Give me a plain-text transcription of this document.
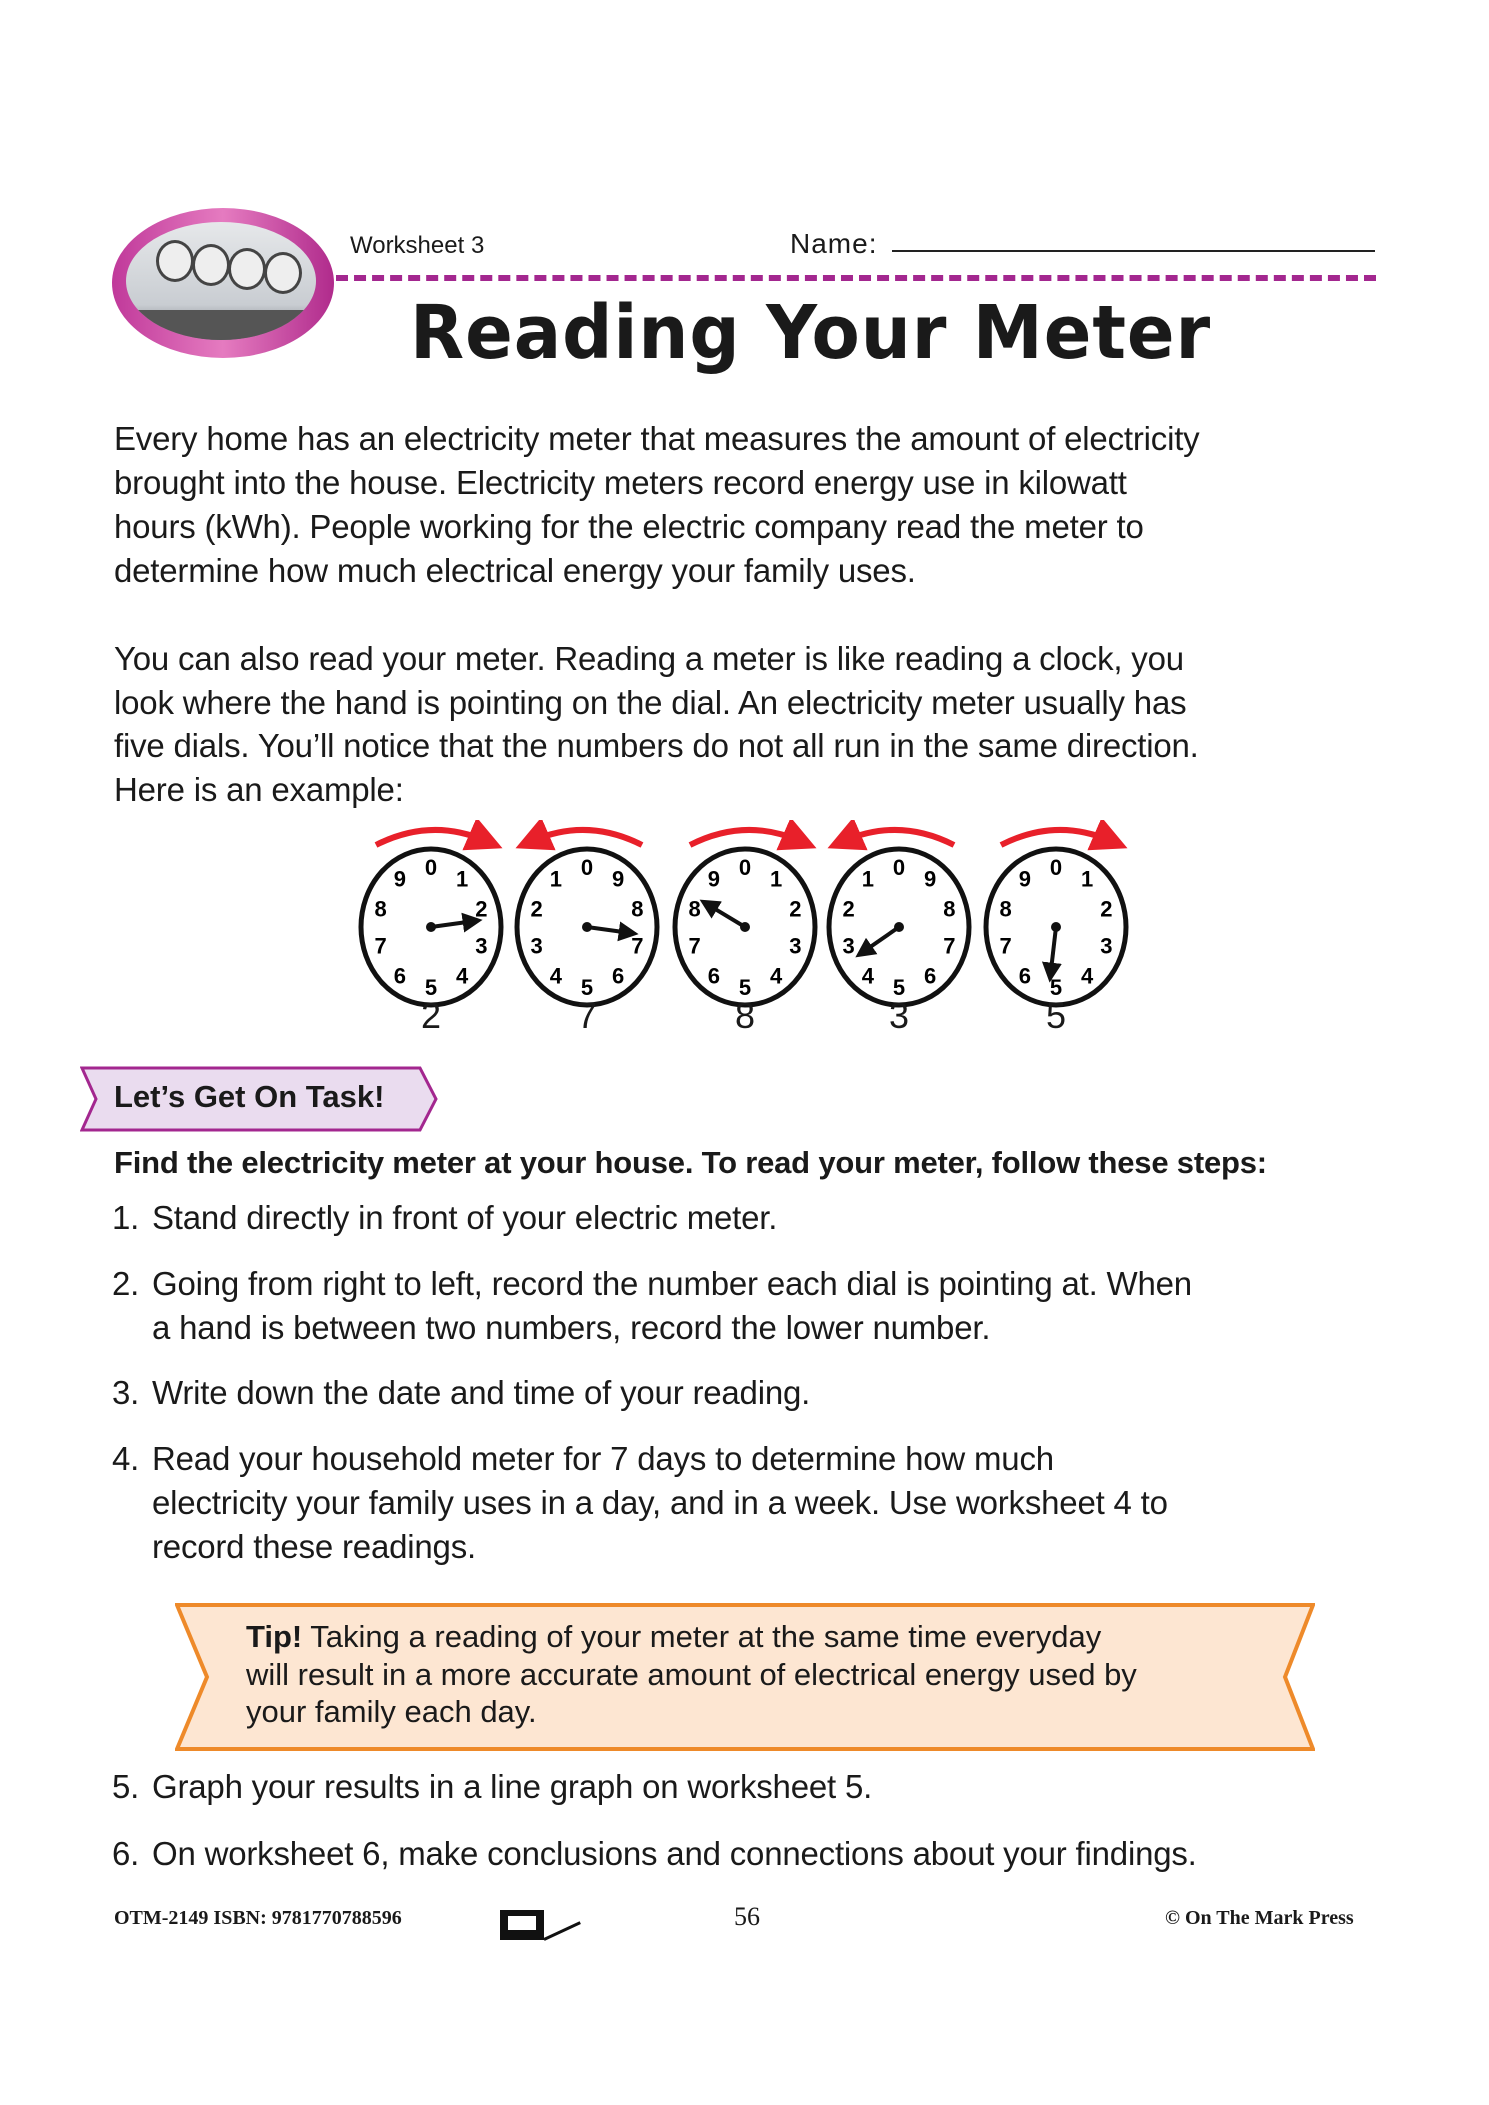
Worksheet 3	Name:
Reading Your Meter
0 1
2
3
4
5
6
7
8
9	0
1
2
3
4 5 6
7
8
9	0 1
2
3
4
5
6
7
8
9	0
1
2
3
4 5 6
7
8
9	0 1
2
3
4
5
6
7
8
9
Let’s Get On Task!
Find the electricity meter at your house. To read your meter, follow these steps:
Tip! Taking a reading of your meter at the same time everyday
will result in a more accurate amount of electrical energy used by
your family each day.
OTM-2149 ISBN: 9781770788596	56	© On The Mark Press
Every home has an electricity meter that measures the amount of electricity
brought into the house. Electricity meters record energy use in kilowatt
hours (kWh). People working for the electric company read the meter to
determine how much electrical energy your family uses.
You can also read your meter. Reading a meter is like reading a clock, you
look where the hand is pointing on the dial. An electricity meter usually has
five dials. You’ll notice that the numbers do not all run in the same direction.
Here is an example:
1. Stand directly in front of your electric meter.
2. Going from right to left, record the number each dial is pointing at. When
a hand is between two numbers, record the lower number.
3. Write down the date and time of your reading.
4. Read your household meter for 7 days to determine how much
electricity your family uses in a day, and in a week. Use worksheet 4 to
record these readings.
5. Graph your results in a line graph on worksheet 5.
6. On worksheet 6, make conclusions and connections about your findings.
2	7	8	3	5
